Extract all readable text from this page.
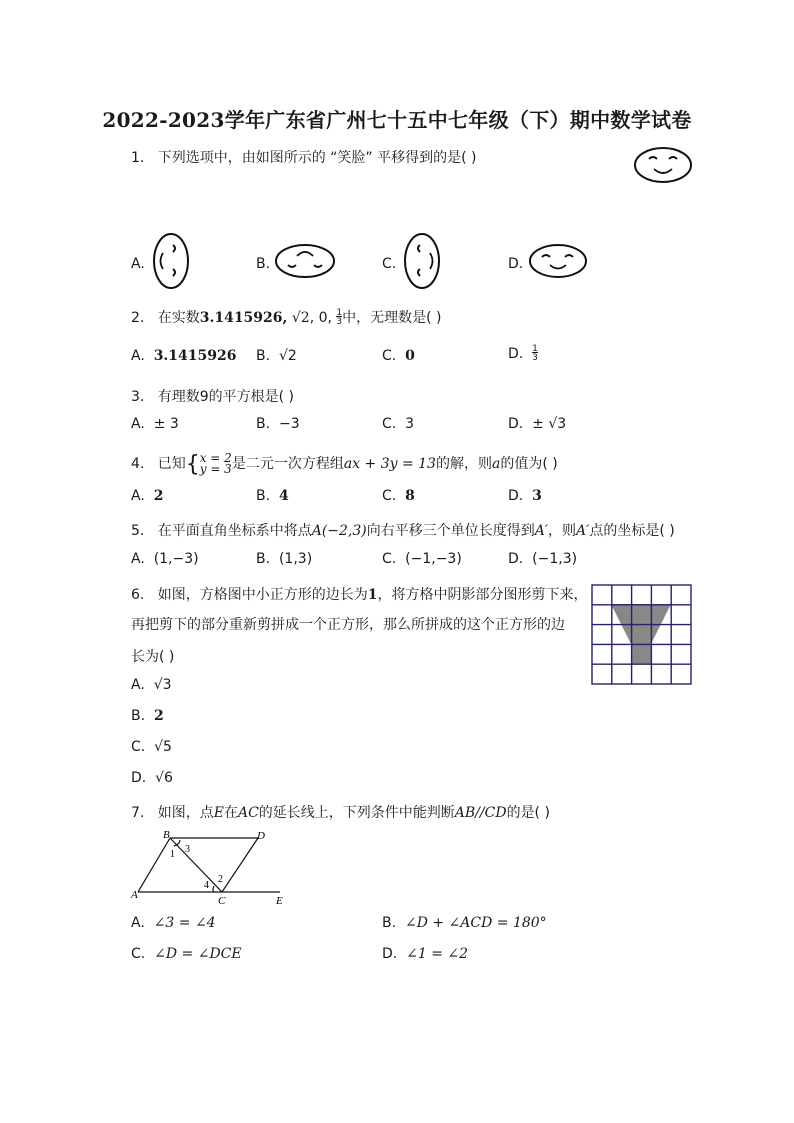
2022-2023学年广东省广州七十五中七年级（下）期中数学试卷
1. 下列选项中，由如图所示的 “笑脸” 平移得到的是( )
A.	B.	C.	D.
2. 在实数3.1415926, √2, 0, $\frac{1}{3}$中，无理数是( )
A. 3.1415926 B. √2	C. 0	D. $\frac{1}{3}$
3. 有理数9的平方根是( )
A. ± 3	B. −3	C. 3	D. ± √3
4. 已知{x = 2
y = 3是二元一次方程组ax + 3y = 13的解，则a的值为( )
A. 2	B. 4	C. 8	D. 3
5. 在平面直角坐标系中将点A(−2,3)向右平移三个单位长度得到A′，则A′点的坐标是( )
A. (1,−3)	B. (1,3)	C. (−1,−3)	D. (−1,3)
6. 如图，方格图中小正方形的边长为1，将方格中阴影部分图形剪下来，
再把剪下的部分重新剪拼成一个正方形，那么所拼成的这个正方形的边
长为( )
A. √3
B. 2
C. √5
D. √6
7. 如图，点E在AC的延长线上，下列条件中能判断AB//CD的是( )
B	D
A	C	E
1 3
2
4
A. ∠3 = ∠4	B. ∠D + ∠ACD = 180°
C. ∠D = ∠DCE	D. ∠1 = ∠2
